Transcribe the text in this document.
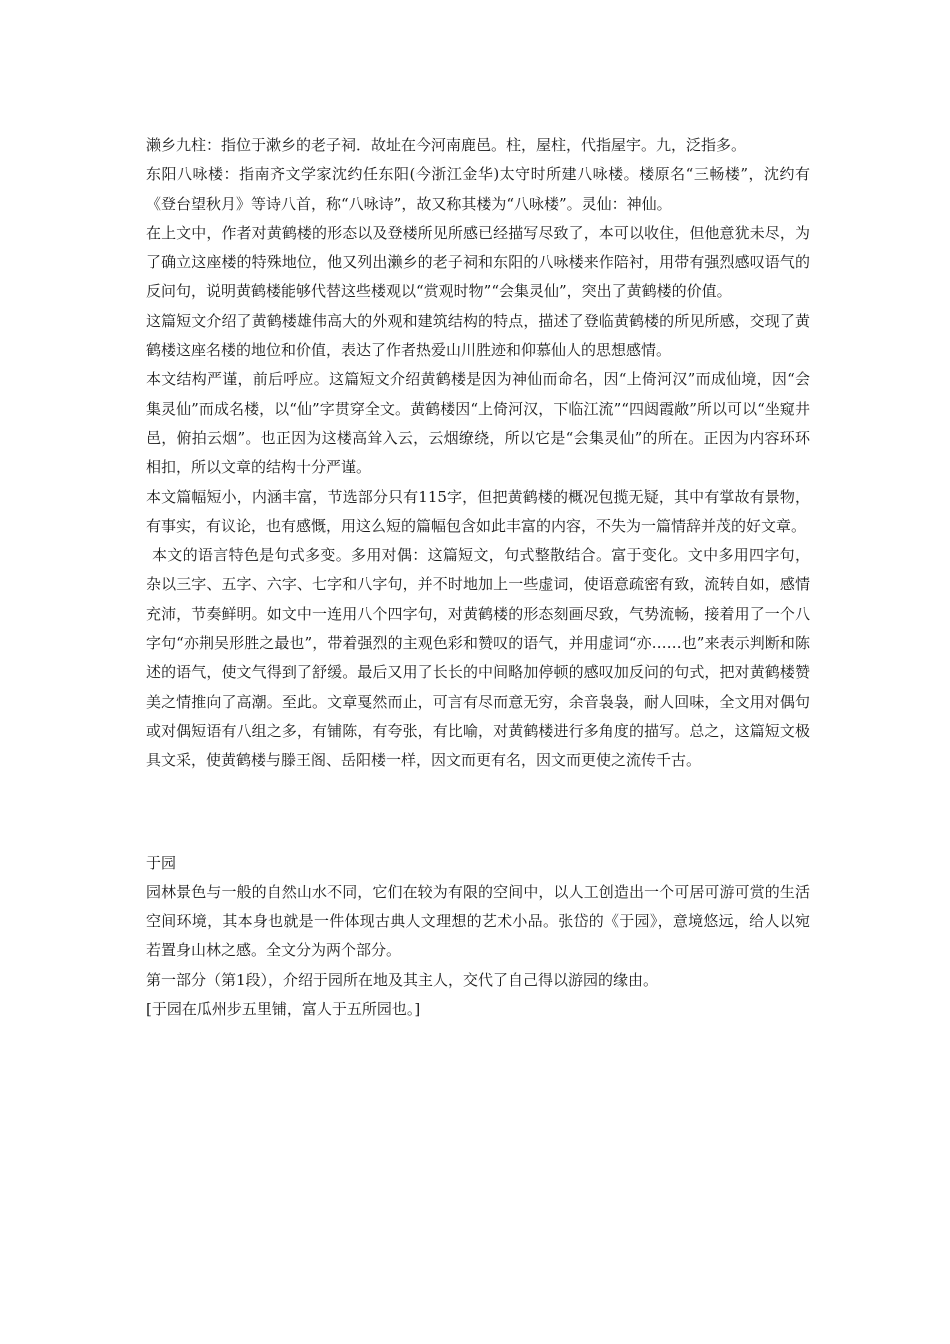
濑乡九柱：指位于漱乡的老子祠．故址在今河南鹿邑。柱，屋柱，代指屋宇。九，泛指多。

东阳八咏楼：指南齐文学家沈约任东阳(今浙江金华)太守时所建八咏楼。楼原名“三畅楼”，沈约有《登台望秋月》等诗八首，称“八咏诗”，故又称其楼为“八咏楼”。灵仙：神仙。

在上文中，作者对黄鹤楼的形态以及登楼所见所感已经描写尽致了，本可以收住，但他意犹未尽，为了确立这座楼的特殊地位，他又列出濑乡的老子祠和东阳的八咏楼来作陪衬，用带有强烈感叹语气的反问句，说明黄鹤楼能够代替这些楼观以“赏观时物”“会集灵仙”，突出了黄鹤楼的价值。

这篇短文介绍了黄鹤楼雄伟高大的外观和建筑结构的特点，描述了登临黄鹤楼的所见所感，交现了黄鹤楼这座名楼的地位和价值，表达了作者热爱山川胜迹和仰慕仙人的思想感情。

本文结构严谨，前后呼应。这篇短文介绍黄鹤楼是因为神仙而命名，因“上倚河汉”而成仙境，因“会集灵仙”而成名楼，以“仙”字贯穿全文。黄鹤楼因“上倚河汉，下临江流”“四闼霞敞”所以可以“坐窥井邑，俯拍云烟”。也正因为这楼高耸入云，云烟缭绕，所以它是“会集灵仙”的所在。正因为内容环环相扣，所以文章的结构十分严谨。

本文篇幅短小，内涵丰富，节选部分只有115字，但把黄鹤楼的概况包揽无疑，其中有掌故有景物，有事实，有议论，也有感慨，用这么短的篇幅包含如此丰富的内容，不失为一篇情辞并茂的好文章。

本文的语言特色是句式多变。多用对偶：这篇短文，句式整散结合。富于变化。文中多用四字句，杂以三字、五字、六字、七字和八字句，并不时地加上一些虚词，使语意疏密有致，流转自如，感情充沛，节奏鲜明。如文中一连用八个四字句，对黄鹤楼的形态刻画尽致，气势流畅，接着用了一个八字句“亦荆吴形胜之最也”，带着强烈的主观色彩和赞叹的语气，并用虚词“亦……也”来表示判断和陈述的语气，使文气得到了舒缓。最后又用了长长的中间略加停顿的感叹加反问的句式，把对黄鹤楼赞美之情推向了高潮。至此。文章戛然而止，可言有尽而意无穷，余音袅袅，耐人回味，全文用对偶句或对偶短语有八组之多，有铺陈，有夸张，有比喻，对黄鹤楼进行多角度的描写。总之，这篇短文极具文采，使黄鹤楼与滕王阁、岳阳楼一样，因文而更有名，因文而更使之流传千古。

于园

园林景色与一般的自然山水不同，它们在较为有限的空间中，以人工创造出一个可居可游可赏的生活空间环境，其本身也就是一件体现古典人文理想的艺术小品。张岱的《于园》，意境悠远，给人以宛若置身山林之感。全文分为两个部分。

第一部分（第1段），介绍于园所在地及其主人，交代了自己得以游园的缘由。

[于园在瓜州步五里铺，富人于五所园也。]
